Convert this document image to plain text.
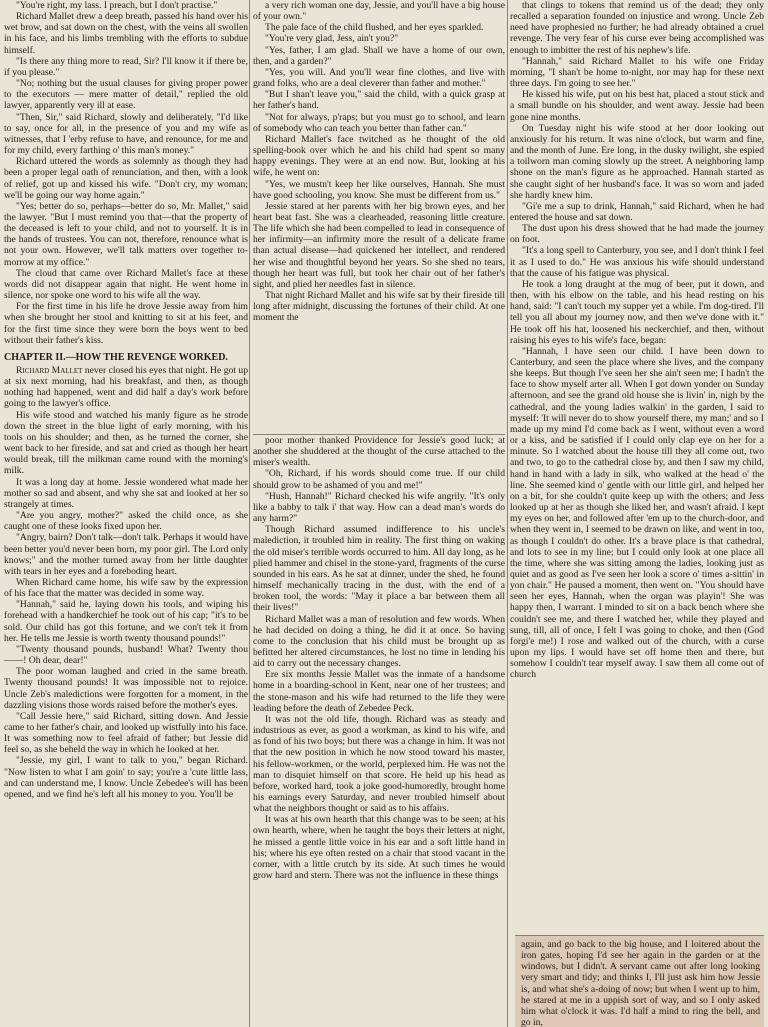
"You're right, my lass. I preach, but I don't practise."

Richard Mallet drew a deep breath, passed his hand over his wet brow, and sat down on the chest, with the veins all swollen in his face, and his limbs trembling with the efforts to subdue himself.

"Is there any thing more to read, Sir? I'll know it if there be, if you please."

"No; nothing but the usual clauses for giving proper power to the executors — mere matter of detail," replied the old lawyer, apparently very ill at ease.

"Then, Sir," said Richard, slowly and deliberately, "I'd like to say, once for all, in the presence of you and my wife as witnesses, that I 'erby refuse to have, and renounce, for me and for my child, every farthing o' this man's money."

Richard uttered the words as solemnly as though they had been a proper legal oath of renunciation, and then, with a look of relief, got up and kissed his wife. "Don't cry, my woman; we'll be going our way home again."

"Yes; better do so, perhaps—better do so, Mr. Mallet," said the lawyer. "But I must remind you that—that the property of the deceased is left to your child, and not to yourself. It is in the hands of trustees. You can not, therefore, renounce what is not your own. However, we'll talk matters over together to-morrow at my office."

The cloud that came over Richard Mallet's face at these words did not disappear again that night. He went home in silence, nor spoke one word to his wife all the way.

For the first time in his life he drove Jessie away from him when she brought her stool and knitting to sit at his feet, and for the first time since they were born the boys went to bed without their father's kiss.

CHAPTER II.—HOW THE REVENGE WORKED.

Richard Mallet never closed his eyes that night. He got up at six next morning, had his breakfast, and then, as though nothing had happened, went and did half a day's work before going to the lawyer's office.

His wife stood and watched his manly figure as he strode down the street in the blue light of early morning, with his tools on his shoulder; and then, as he turned the corner, she went back to her fireside, and sat and cried as though her heart would break, till the milkman came round with the morning's milk.

It was a long day at home. Jessie wondered what made her mother so sad and absent, and why she sat and looked at her so strangely at times.

"Are you angry, mother?" asked the child once, as she caught one of these looks fixed upon her.

"Angry, bairn? Don't talk—don't talk. Perhaps it would have been better you'd never been born, my poor girl. The Lord only knows;" and the mother turned away from her little daughter with tears in her eyes and a foreboding heart.

When Richard came home, his wife saw by the expression of his face that the matter was decided in some way.

"Hannah," said he, laying down his tools, and wiping his forehead with a handkerchief he took out of his cap; "it's to be sold. Our child has got this fortune, and we con't tek it from her. He tells me Jessie is worth twenty thousand pounds!"

"Twenty thousand pounds, husband! What? Twenty thou——! Oh dear, dear!"

The poor woman laughed and cried in the same breath. Twenty thousand pounds! It was impossible not to rejoice. Uncle Zeb's maledictions were forgotten for a moment, in the dazzling visions those words raised before the mother's eyes.

"Call Jessie here," said Richard, sitting down. And Jessie came to her father's chair, and looked up wistfully into his face. It was something now to feel afraid of father; but Jessie did feel so, as she beheld the way in which he looked at her.

"Jessie, my girl, I want to talk to you," began Richard. "Now listen to what I am goin' to say; you're a 'cute little lass, and can understand me, I know. Uncle Zebedee's will has been opened, and we find he's left all his money to you. You'll be

a very rich woman one day, Jessie, and you'll have a big house of your own."

The pale face of the child flushed, and her eyes sparkled.

"You're very glad, Jess, ain't you?"

"Yes, father, I am glad. Shall we have a home of our own, then, and a garden?"

"Yes, you will. And you'll wear fine clothes, and live with grand folks, who are a deal cleverer than father and mother."

"But I shan't leave you," said the child, with a quick grasp at her father's hand.

"Not for always, p'raps; but you must go to school, and learn of somebody who can teach you better than father can."

Richard Mallet's face twitched as he thought of the old spelling-book over which he and his child had spent so many happy evenings. They were at an end now. But, looking at his wife, he went on:

"Yes, we mustn't keep her like ourselves, Hannah. She must have good schooling, you know. She must be different from us."

Jessie stared at her parents with her big brown eyes, and her heart beat fast. She was a clearheaded, reasoning little creature. The life which she had been compelled to lead in consequence of her infirmity—an infirmity more the result of a delicate frame than actual disease—had quickened her intellect, and rendered her wise and thoughtful beyond her years. So she shed no tears, though her heart was full, but took her chair out of her father's sight, and plied her needles fast in silence.

That night Richard Mallet and his wife sat by their fireside till long after midnight, discussing the fortunes of their child. At one moment the

poor mother thanked Providence for Jessie's good luck; at another she shuddered at the thought of the curse attached to the miser's wealth.

"Oh, Richard, if his words should come true. If our child should grow to be ashamed of you and me!"

"Hush, Hannah!" Richard checked his wife angrily. "It's only like a babby to talk i' that way. How can a dead man's words do any harm?"

Though Richard assumed indifference to his uncle's malediction, it troubled him in reality. The first thing on waking the old miser's terrible words occurred to him. All day long, as he plied hammer and chisel in the stone-yard, fragments of the curse sounded in his ears. As he sat at dinner, under the shed, he found himself mechanically tracing in the dust, with the end of a broken tool, the words: "May it place a bar between them all their lives!"

Richard Mallet was a man of resolution and few words. When he had decided on doing a thing, he did it at once. So having come to the conclusion that his child must be brought up as befitted her altered circumstances, he lost no time in lending his aid to carry out the necessary changes.

Ere six months Jessie Mallet was the inmate of a handsome home in a boarding-school in Kent, near one of her trustees; and the stone-mason and his wife had returned to the life they were leading before the death of Zebedee Peck.

It was not the old life, though. Richard was as steady and industrious as ever, as good a workman, as kind to his wife, and as fond of his two boys; but there was a change in him. It was not that the new position in which he now stood toward his master, his fellow-workmen, or the world, perplexed him. He was not the man to disquiet himself on that score. He held up his head as before, worked hard, took a joke good-humoredly, brought home his earnings every Saturday, and never troubled himself about what the neighbors thought or said as to his affairs.

It was at his own hearth that this change was to be seen; at his own hearth, where, when he taught the boys their letters at night, he missed a gentle little voice in his ear and a soft little hand in his; where his eye often rested on a chair that stood vacant in the corner, with a little crutch by its side. At such times he would grow hard and stern. There was not the influence in these things

that clings to tokens that remind us of the dead; they only recalled a separation founded on injustice and wrong. Uncle Zeb need have prophesied no further; he had already obtained a cruel revenge. The very fear of his curse ever being accomplished was enough to imbitter the rest of his nephew's life.

"Hannah," said Richard Mallet to his wife one Friday morning, "I shan't be home to-night, nor may hap for these next three days. I'm going to see her."

He kissed his wife, put on his best hat, placed a stout stick and a small bundle on his shoulder, and went away. Jessie had been gone nine months.

On Tuesday night his wife stood at her door looking out anxiously for his return. It was nine o'clock, but warm and fine, and the month of June. Ere long, in the dusky twilight, she espied a toilworn man coming slowly up the street. A neighboring lamp shone on the man's figure as he approached. Hannah started as she caught sight of her husband's face. It was so worn and jaded she hardly knew him.

"Gi'e me a sup to drink, Hannah," said Richard, when he had entered the house and sat down.

The dust upon his dress showed that he had made the journey on foot.

"It's a long spell to Canterbury, you see, and I don't think I feel it as I used to do." He was anxious his wife should understand that the cause of his fatigue was physical.

He took a long draught at the mug of beer, put it down, and then, with his elbow on the table, and his head resting on his hand, said: "I can't touch my supper yet a while. I'm dog-tired. I'll tell you all about my journey now, and then we've done with it." He took off his hat, loosened his neckerchief, and then, without raising his eyes to his wife's face, began:

"Hannah, I have seen our child. I have been down to Canterbury, and seen the place where she lives, and the company she keeps. But though I've seen her she ain't seen me; I hadn't the face to show myself arter all. When I got down yonder on Sunday afternoon, and see the grand old house she is livin' in, nigh by the cathedral, and the young ladies walkin' in the garden, I said to myself: 'It will never do to show yourself there, my man;' and so I made up my mind I'd come back as I went, without even a word or a kiss, and be satisfied if I could only clap eye on her for a minute. So I watched about the house till they all come out, two and two, to go to the cathedral close by, and then I saw my child, hand in hand with a lady in silk, who walked at the head o' the line. She seemed kind o' gentle with our little girl, and helped her on a bit, for she couldn't quite keep up with the others; and Jess looked up at her as though she liked her, and wasn't afraid. I kept my eyes on her, and followed after 'em up to the church-door, and when they went in, I seemed to be drawn on like, and went in too, as though I couldn't do other. It's a brave place is that cathedral, and lots to see in my line; but I could only look at one place all the time, where she was sitting among the ladies, looking just as quiet and as good as I've seen her look a score o' times a-sittin' in yon chair." He paused a moment, then went on. "You should have seen her eyes, Hannah, when the organ was playin'! She was happy then, I warrant. I minded to sit on a back bench where she couldn't see me, and there I watched her, while they played and sung, till, all of once, I felt I was going to choke, and then (God forgi'e me!) I rose and walked out of the church, with a curse upon my lips. I would have set off home then and there, but somehow I couldn't tear myself away. I saw them all come out of church

again, and go back to the big house, and I loitered about the iron gates, hoping I'd see her again in the garden or at the windows, but I didn't. A servant came out after long looking very smart and tidy; and thinks I, I'll just ask him how Jessie is, and what she's a-doing of now; but when I went up to him, he stared at me in a uppish sort of way, and so I only asked him what o'clock it was. I'd half a mind to ring the bell, and go in,
